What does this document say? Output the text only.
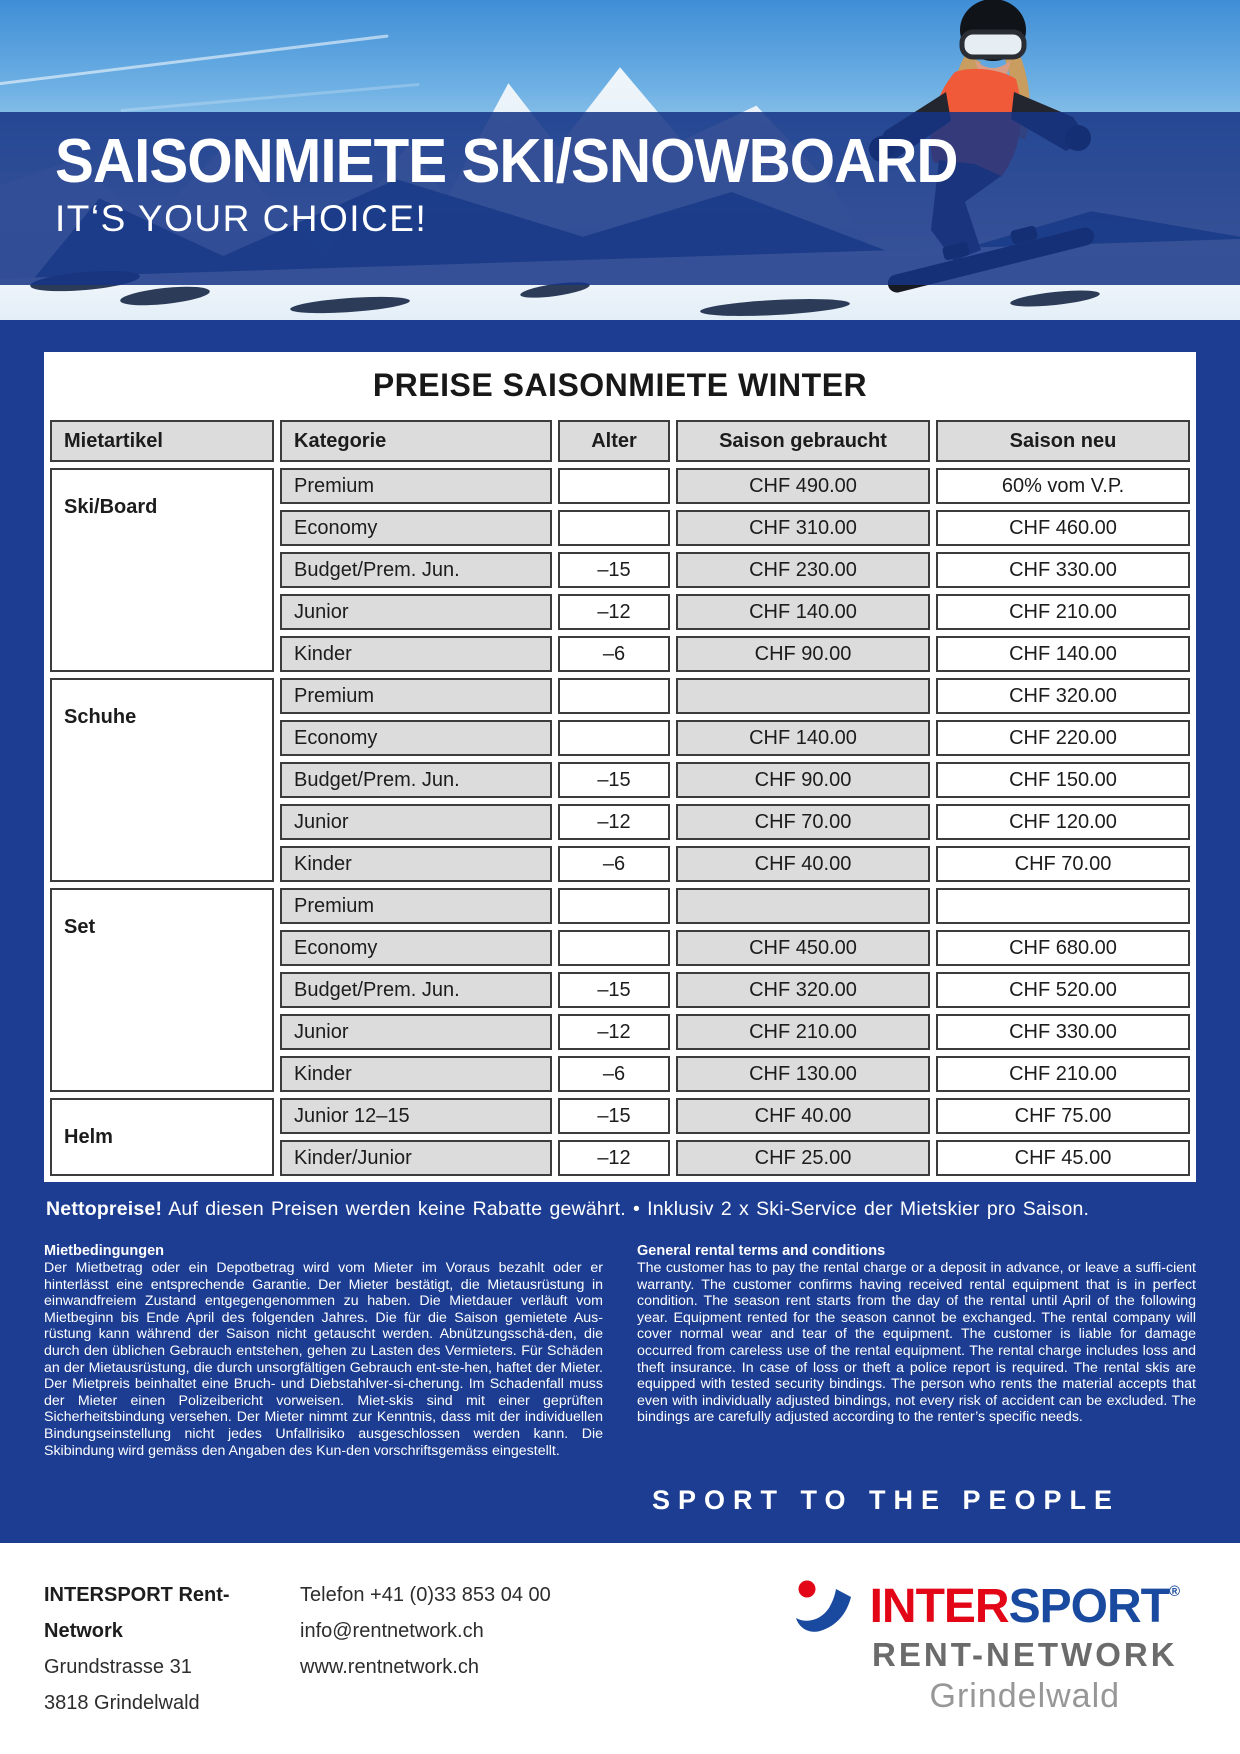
SAISONMIETE SKI/SNOWBOARD
IT‘S YOUR CHOICE!
PREISE SAISONMIETE WINTER
Mietartikel	Kategorie	Alter	Saison gebraucht	Saison neu
Ski/Board	Premium		CHF 490.00	60% vom V.P.
	Economy		CHF 310.00	CHF 460.00
	Budget/Prem. Jun.	–15	CHF 230.00	CHF 330.00
	Junior	–12	CHF 140.00	CHF 210.00
	Kinder	–6	CHF 90.00	CHF 140.00
Schuhe	Premium			CHF 320.00
	Economy		CHF 140.00	CHF 220.00
	Budget/Prem. Jun.	–15	CHF 90.00	CHF 150.00
	Junior	–12	CHF 70.00	CHF 120.00
	Kinder	–6	CHF 40.00	CHF 70.00
Set	Premium			
	Economy		CHF 450.00	CHF 680.00
	Budget/Prem. Jun.	–15	CHF 320.00	CHF 520.00
	Junior	–12	CHF 210.00	CHF 330.00
	Kinder	–6	CHF 130.00	CHF 210.00
Helm	Junior 12–15	–15	CHF 40.00	CHF 75.00
	Kinder/Junior	–12	CHF 25.00	CHF 45.00

Nettopreise! Auf diesen Preisen werden keine Rabatte gewährt. • Inklusiv 2 x Ski-Service der Mietskier pro Saison.

Mietbedingungen

Der Mietbetrag oder ein Depotbetrag wird vom Mieter im Voraus bezahlt oder er hinterlässt eine entsprechende Garantie. Der Mieter bestätigt, die Mietausrüstung in einwandfreiem Zustand entgegengenommen zu haben. Die Mietdauer verläuft vom Mietbeginn bis Ende April des folgenden Jahres. Die für die Saison gemietete Aus-rüstung kann während der Saison nicht getauscht werden. Abnützungsschä-den, die durch den üblichen Gebrauch entstehen, gehen zu Lasten des Vermieters. Für Schäden an der Mietausrüstung, die durch unsorgfältigen Gebrauch ent-ste-hen, haftet der Mieter. Der Mietpreis beinhaltet eine Bruch- und Diebstahlver-si-cherung. Im Schadenfall muss der Mieter einen Polizeibericht vorweisen. Miet-skis sind mit einer geprüften Sicherheitsbindung versehen. Der Mieter nimmt zur Kenntnis, dass mit der individuellen Bindungseinstellung nicht jedes Unfallrisiko ausgeschlossen werden kann. Die Skibindung wird gemäss den Angaben des Kun-den vorschriftsgemäss eingestellt.

General rental terms and conditions

The customer has to pay the rental charge or a deposit in advance, or leave a suffi-cient warranty. The customer confirms having received rental equipment that is in perfect condition. The season rent starts from the day of the rental until April of the following year. Equipment rented for the season cannot be exchanged. The rental company will cover normal wear and tear of the equipment. The customer is liable for damage occurred from careless use of the rental equipment. The rental charge includes loss and theft insurance. In case of loss or theft a police report is required. The rental skis are equipped with tested security bindings. The person who rents the material accepts that even with individually adjusted bindings, not every risk of accident can be excluded. The bindings are carefully adjusted according to the renter’s specific needs.

SPORT TO THE PEOPLE
INTERSPORT Rent-Network
Grundstrasse 31
3818 Grindelwald
Telefon +41 (0)33 853 04 00
info@rentnetwork.ch
www.rentnetwork.ch
INTERSPORT®
RENT-NETWORK
Grindelwald
